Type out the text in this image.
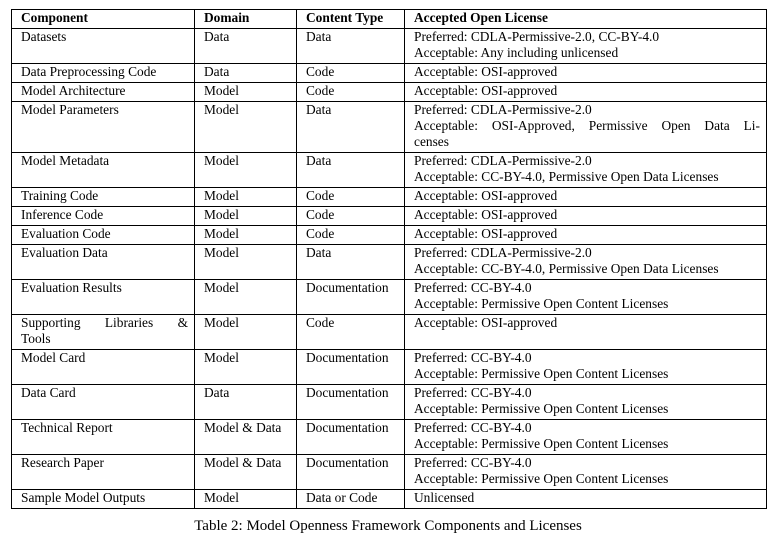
Component	Domain	Content Type	Accepted Open License
Datasets	Data	Data	Preferred: CDLA-Permissive-2.0, CC-BY-4.0
Acceptable: Any including unlicensed

Data Preprocessing Code	Data	Code	Acceptable: OSI-approved

Model Architecture	Model	Code	Acceptable: OSI-approved

Model Parameters	Model	Data	Preferred: CDLA-Permissive-2.0
Acceptable: OSI-Approved, Permissive Open Data Li-
censes

Model Metadata	Model	Data	Preferred: CDLA-Permissive-2.0
Acceptable: CC-BY-4.0, Permissive Open Data Licenses

Training Code	Model	Code	Acceptable: OSI-approved

Inference Code	Model	Code	Acceptable: OSI-approved

Evaluation Code	Model	Code	Acceptable: OSI-approved

Evaluation Data	Model	Data	Preferred: CDLA-Permissive-2.0
Acceptable: CC-BY-4.0, Permissive Open Data Licenses

Evaluation Results	Model	Documentation	Preferred: CC-BY-4.0
Acceptable: Permissive Open Content Licenses

Supporting Libraries &
Tools	Model	Code	Acceptable: OSI-approved

Model Card	Model	Documentation	Preferred: CC-BY-4.0
Acceptable: Permissive Open Content Licenses

Data Card	Data	Documentation	Preferred: CC-BY-4.0
Acceptable: Permissive Open Content Licenses

Technical Report	Model & Data	Documentation	Preferred: CC-BY-4.0
Acceptable: Permissive Open Content Licenses

Research Paper	Model & Data	Documentation	Preferred: CC-BY-4.0
Acceptable: Permissive Open Content Licenses

Sample Model Outputs	Model	Data or Code	Unlicensed
Table 2: Model Openness Framework Components and Licenses
